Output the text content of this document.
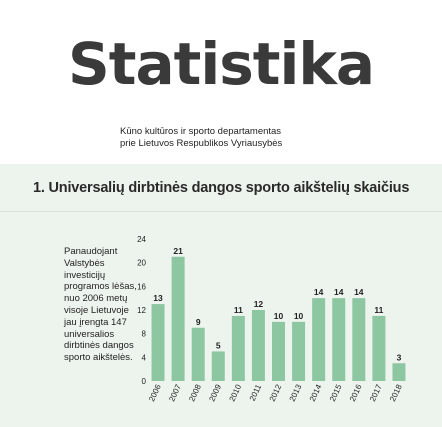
Statistika
Kūno kultūros ir sporto departamentas
prie Lietuvos Respublikos Vyriausybės
1. Universalių dirbtinės dangos sporto aikštelių skaičius
Panaudojant Valstybės investicijų programos lėšas, nuo 2006 metų visoje Lietuvoje jau įrengta 147 universalios dirbtinės dangos sporto aikštelės.
0
4
8
12
16
20
24
13
2006
21
2007
9
2008
5
2009
11
2010
12
2011
10
2012
10
2013
14
2014
14
2015
14
2016
11
2017
3
2018
